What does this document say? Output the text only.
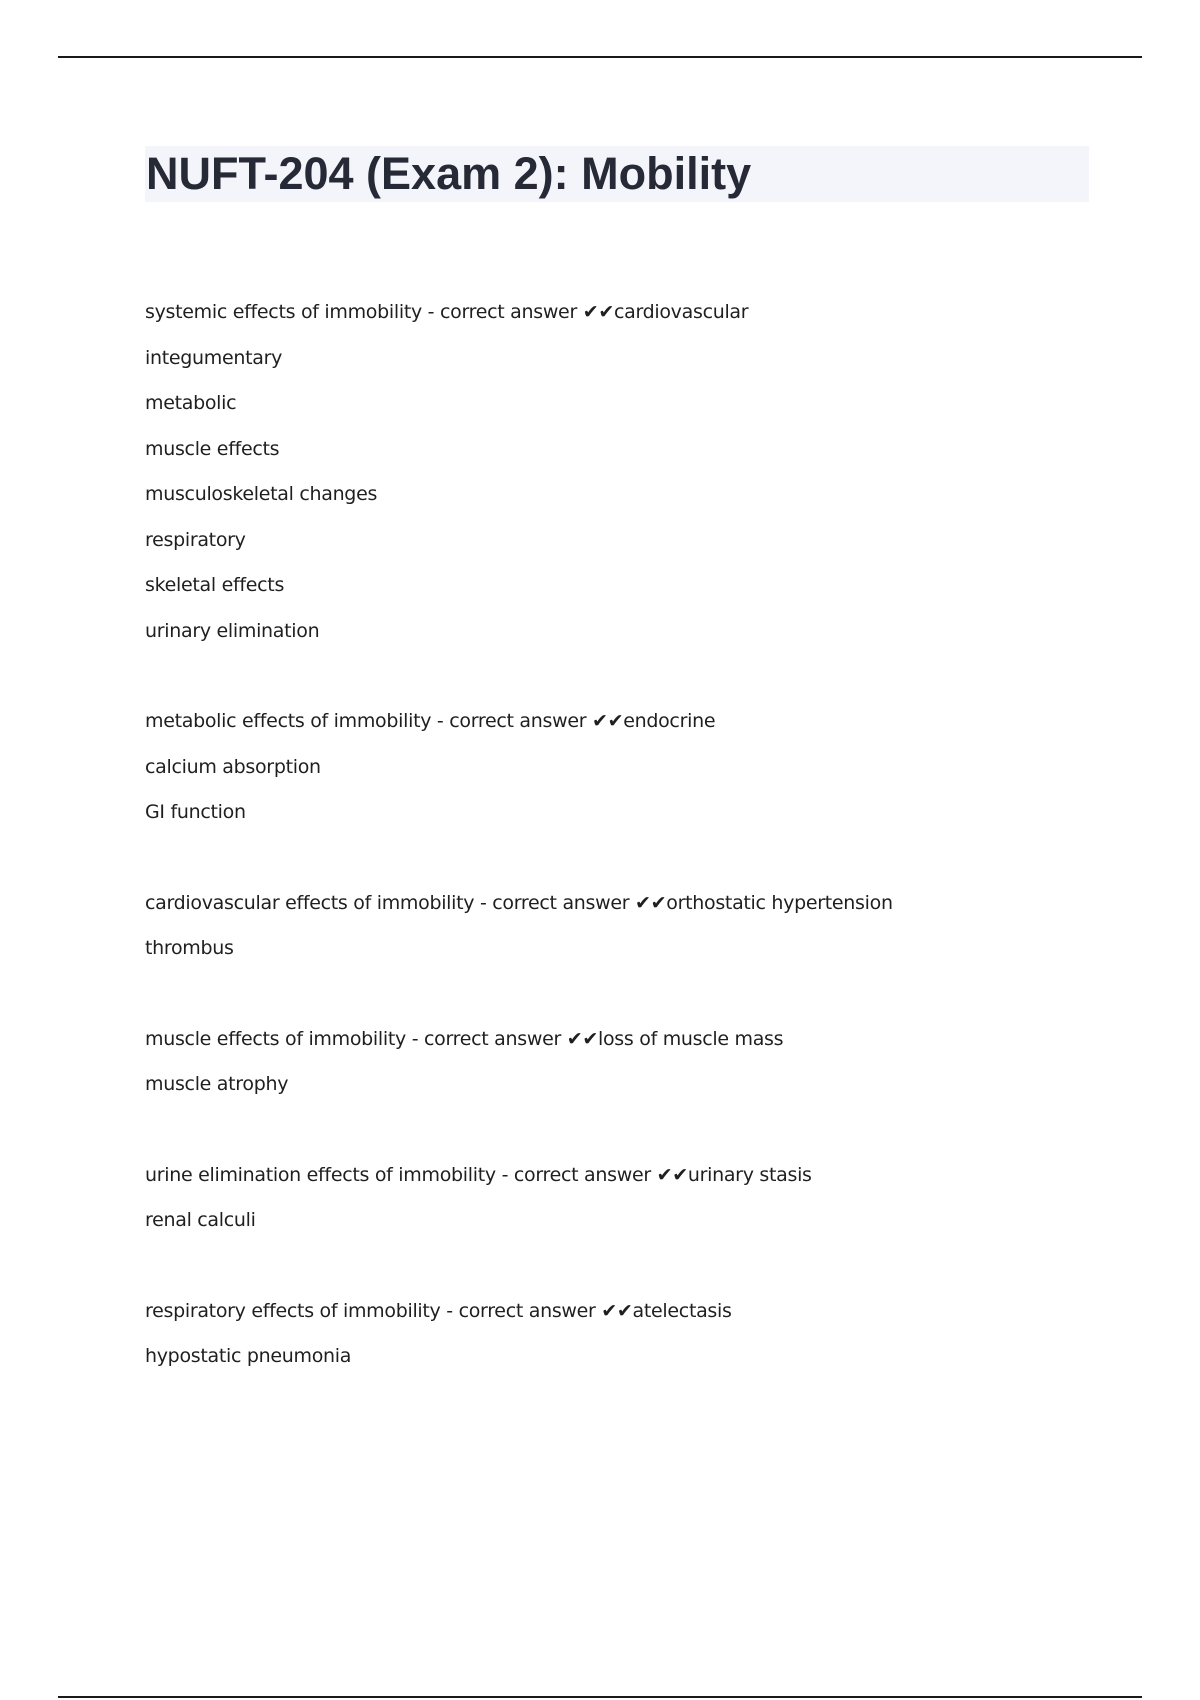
NUFT-204 (Exam 2): Mobility
systemic effects of immobility - correct answer ✔✔cardiovascular
integumentary
metabolic
muscle effects
musculoskeletal changes
respiratory
skeletal effects
urinary elimination
metabolic effects of immobility - correct answer ✔✔endocrine
calcium absorption
GI function
cardiovascular effects of immobility - correct answer ✔✔orthostatic hypertension
thrombus
muscle effects of immobility - correct answer ✔✔loss of muscle mass
muscle atrophy
urine elimination effects of immobility - correct answer ✔✔urinary stasis
renal calculi
respiratory effects of immobility - correct answer ✔✔atelectasis
hypostatic pneumonia
